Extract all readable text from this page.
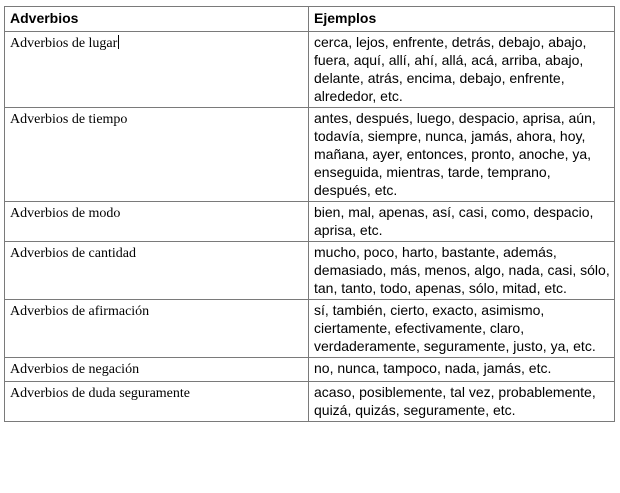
Adverbios	Ejemplos
Adverbios de lugar	cerca, lejos, enfrente, detrás, debajo, abajo, fuera, aquí, allí, ahí, allá, acá, arriba, abajo, delante, atrás, encima, debajo, enfrente, alrededor, etc.
Adverbios de tiempo	antes, después, luego, despacio, aprisa, aún, todavía, siempre, nunca, jamás, ahora, hoy, mañana, ayer, entonces, pronto, anoche, ya, enseguida, mientras, tarde, temprano, después, etc.
Adverbios de modo	bien, mal, apenas, así, casi, como, despacio, aprisa, etc.
Adverbios de cantidad	mucho, poco, harto, bastante, además, demasiado, más, menos, algo, nada, casi, sólo, tan, tanto, todo, apenas, sólo, mitad, etc.
Adverbios de afirmación	sí, también, cierto, exacto, asimismo, ciertamente, efectivamente, claro, verdaderamente, seguramente, justo, ya, etc.
Adverbios de negación	no, nunca, tampoco, nada, jamás, etc.
Adverbios de duda seguramente	acaso, posiblemente, tal vez, probablemente, quizá, quizás, seguramente, etc.
